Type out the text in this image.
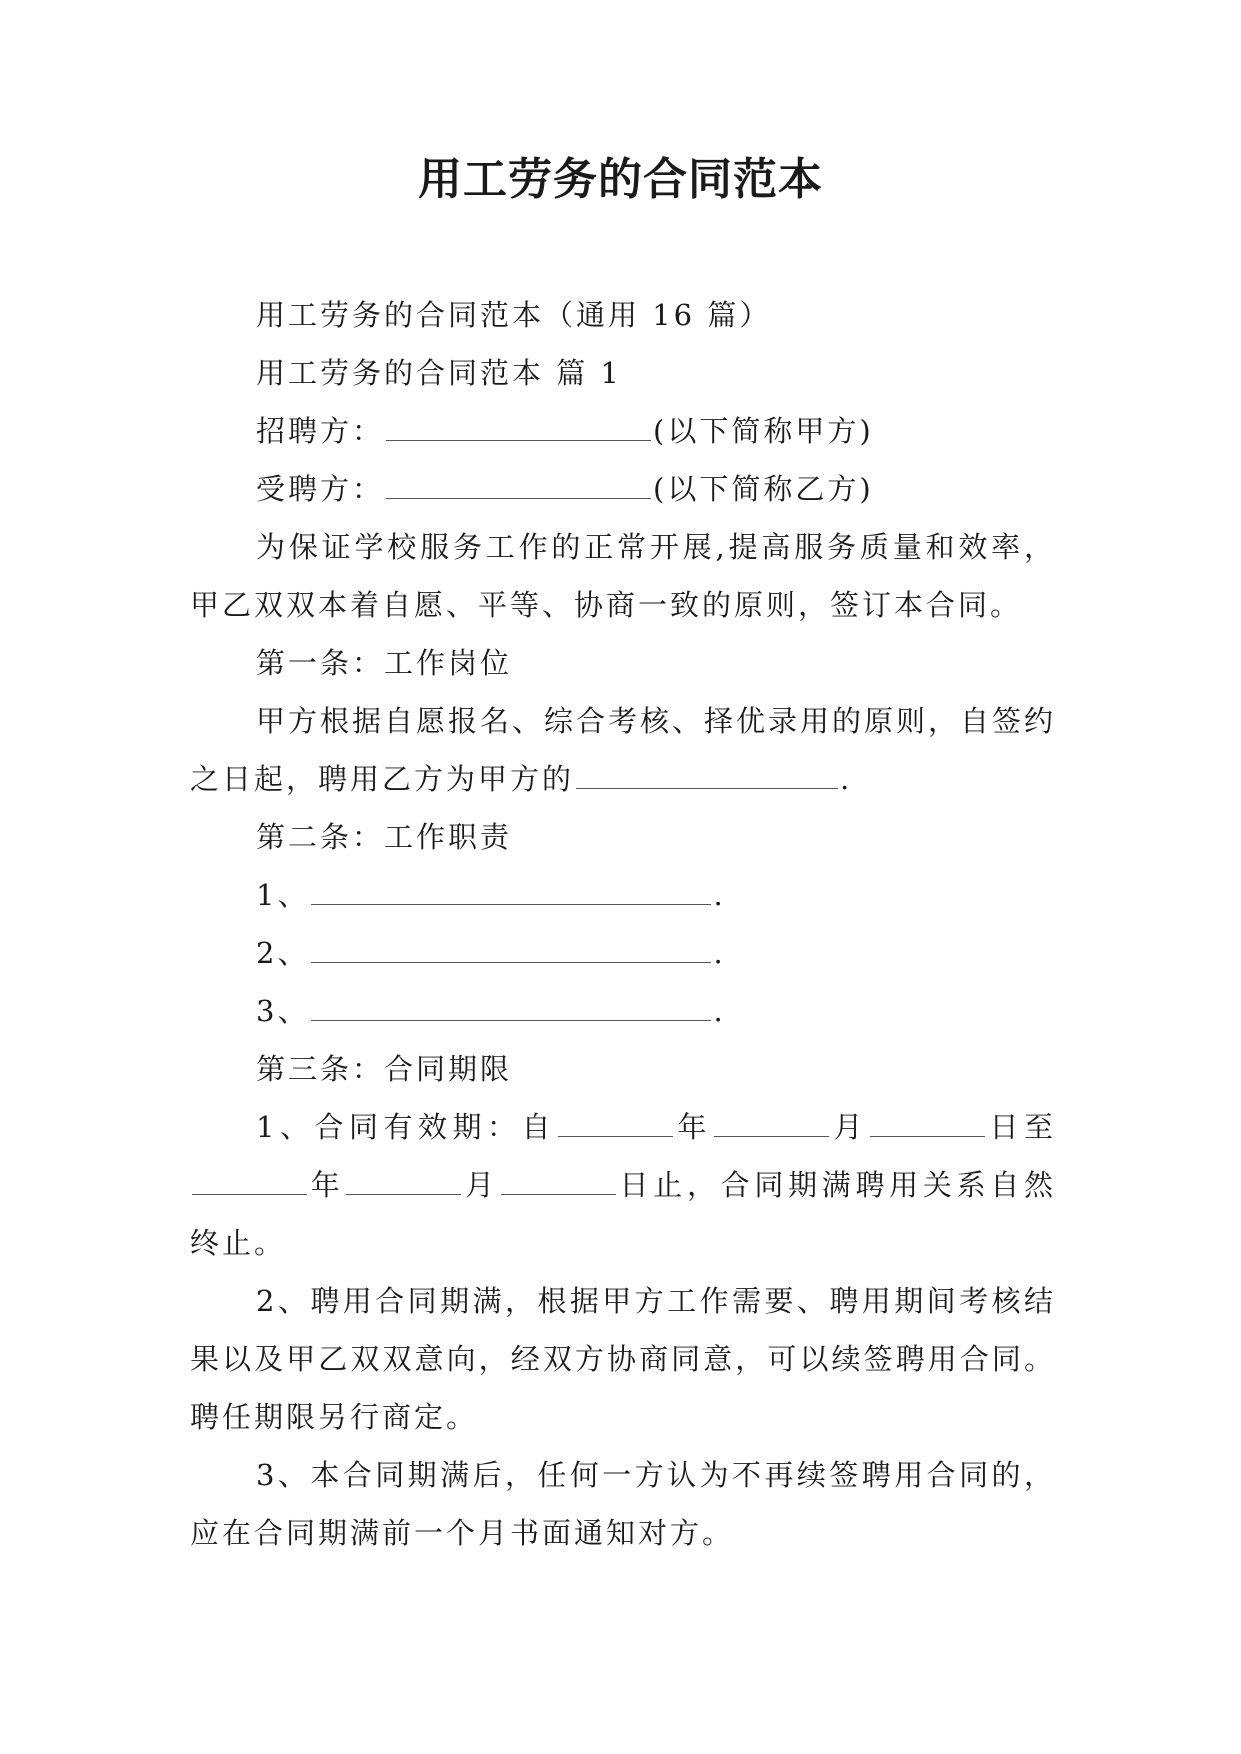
用工劳务的合同范本

用工劳务的合同范本（通用 16 篇）

用工劳务的合同范本 篇 1

招聘方：	(以下简称甲方)

受聘方：	(以下简称乙方)

为保证学校服务工作的正常开展,提高服务质量和效率，甲乙双双本着自愿、平等、协商一致的原则，签订本合同。

第一条：工作岗位

甲方根据自愿报名、综合考核、择优录用的原则，自签约之日起，聘用乙方为甲方的	.

第二条：工作职责

1、	.

2、	.

3、	.

第三条：合同期限

1、合同有效期：自	年	月	日至年	月	日止，合同期满聘用关系自然终止。

2、聘用合同期满，根据甲方工作需要、聘用期间考核结果以及甲乙双双意向，经双方协商同意，可以续签聘用合同。聘任期限另行商定。

3、本合同期满后，任何一方认为不再续签聘用合同的，应在合同期满前一个月书面通知对方。
